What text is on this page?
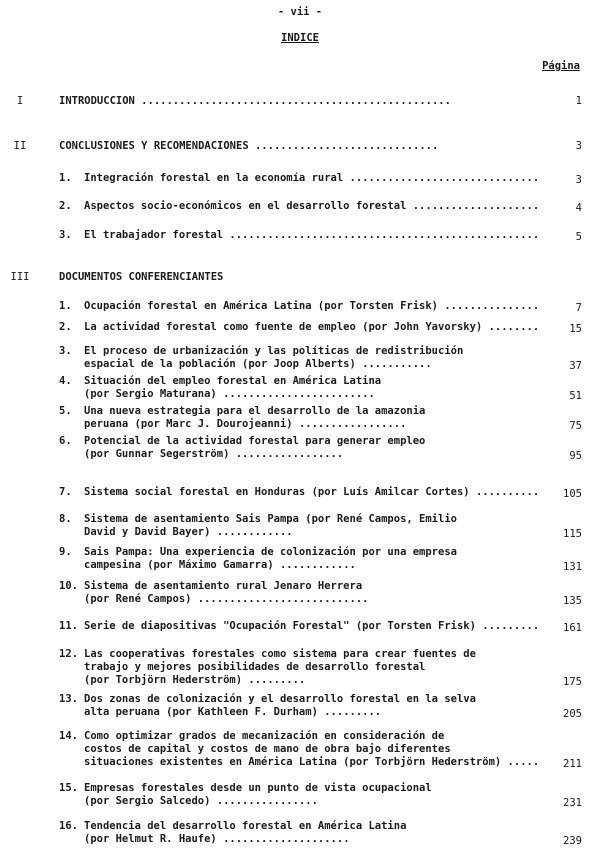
- vii -
INDICE
Página
I	INTRODUCCION .................................................	1
II	CONCLUSIONES Y RECOMENDACIONES .............................	3
1.	Integración forestal en la economía rural ..............................	3
2.	Aspectos socio-económicos en el desarrollo forestal ....................	4
3.	El trabajador forestal .................................................	5
III	DOCUMENTOS CONFERENCIANTES
1.	Ocupación forestal en América Latina (por Torsten Frisk) ...............	7
2.	La actividad forestal como fuente de empleo (por John Yavorsky) ........	15
3.	El proceso de urbanización y las políticas de redistribución
espacial de la población (por Joop Alberts) ...........	37
4.	Situación del empleo forestal en América Latina
(por Sergio Maturana) ........................	51
5.	Una nueva estrategia para el desarrollo de la amazonia
peruana (por Marc J. Dourojeanni) .................	75
6.	Potencial de la actividad forestal para generar empleo
(por Gunnar Segerström) .................	95
7.	Sistema social forestal en Honduras (por Luís Amilcar Cortes) ..........	105
8.	Sistema de asentamiento Sais Pampa (por René Campos, Emilio
David y David Bayer) ............	115
9.	Sais Pampa: Una experiencia de colonización por una empresa
campesina (por Máximo Gamarra) ............	131
10. Sistema de asentamiento rural Jenaro Herrera
(por René Campos) ...........................	135
11. Serie de diapositivas "Ocupación Forestal" (por Torsten Frisk) .........	161
12. Las cooperativas forestales como sistema para crear fuentes de
trabajo y mejores posibilidades de desarrollo forestal
(por Torbjörn Hederström) .........	175
13. Dos zonas de colonización y el desarrollo forestal en la selva
alta peruana (por Kathleen F. Durham) .........	205
14. Como optimizar grados de mecanización en consideración de
costos de capital y costos de mano de obra bajo diferentes
situaciones existentes en América Latina (por Torbjörn Hederström) .....	211
15. Empresas forestales desde un punto de vista ocupacional
(por Sergio Salcedo) ................	231
16. Tendencia del desarrollo forestal en América Latina
(por Helmut R. Haufe) ....................	239
